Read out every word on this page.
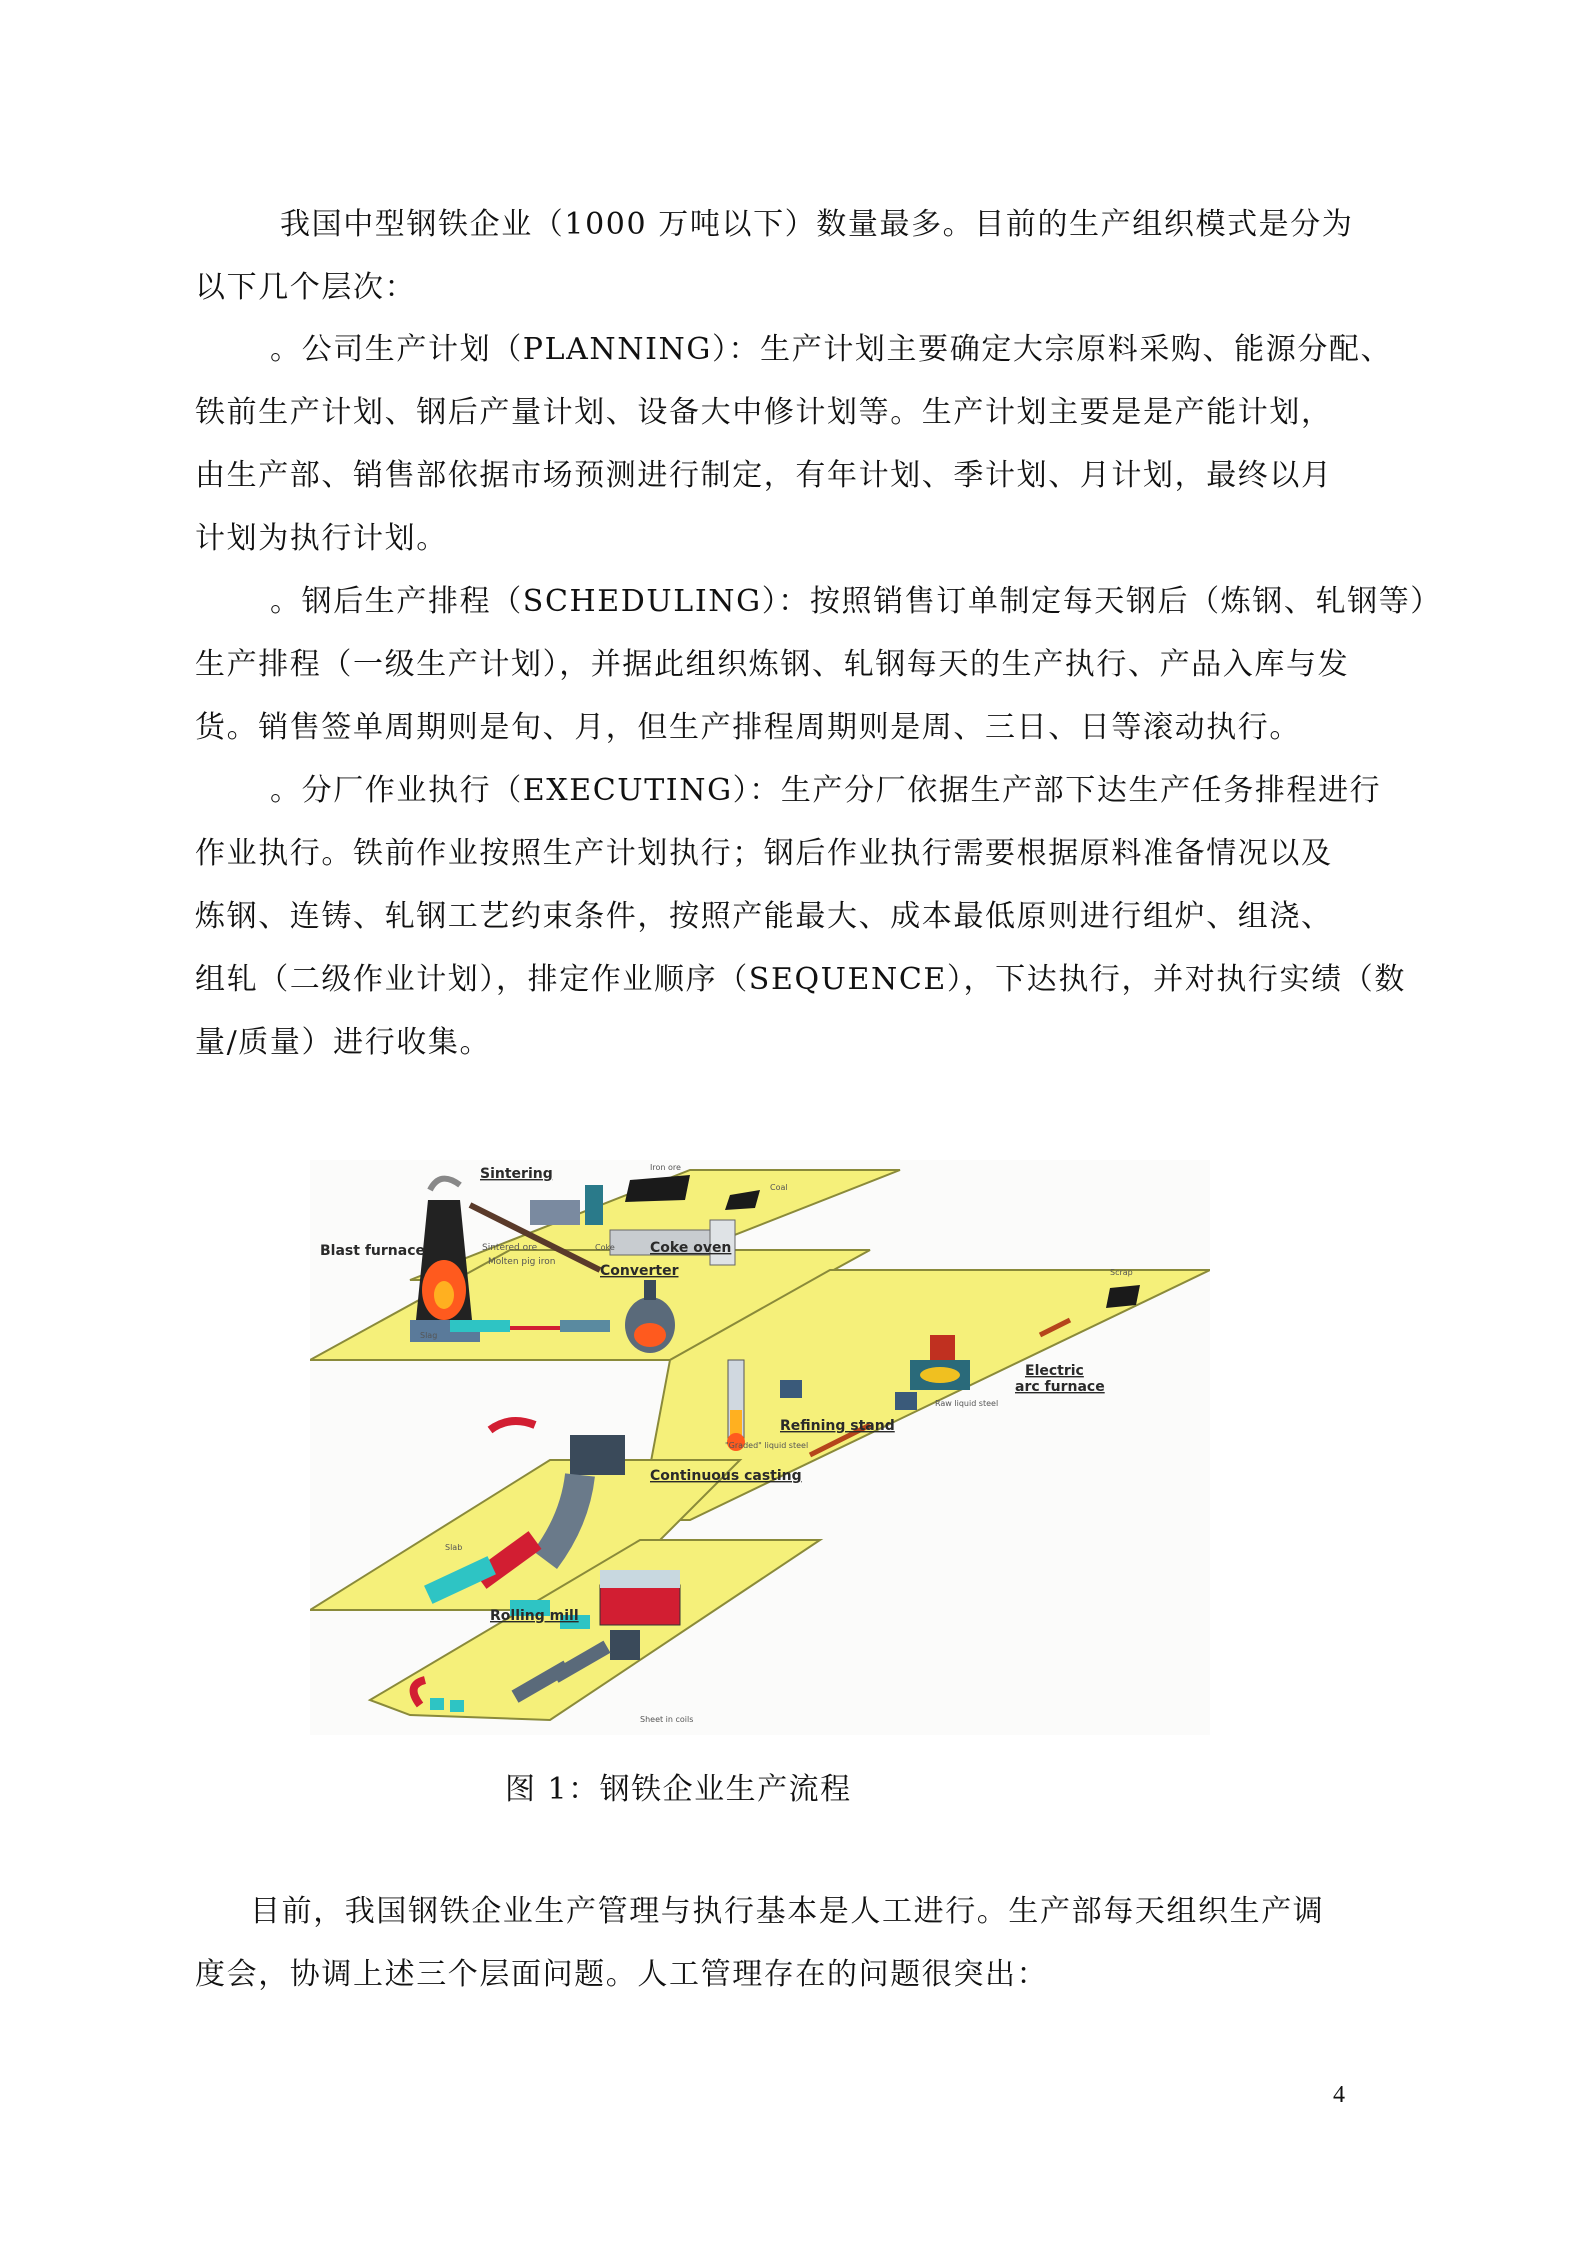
我国中型钢铁企业（1000 万吨以下）数量最多。目前的生产组织模式是分为
以下几个层次：
。公司生产计划（PLANNING）：生产计划主要确定大宗原料采购、能源分配、
铁前生产计划、钢后产量计划、设备大中修计划等。生产计划主要是是产能计划，
由生产部、销售部依据市场预测进行制定，有年计划、季计划、月计划，最终以月
计划为执行计划。
。钢后生产排程（SCHEDULING）：按照销售订单制定每天钢后（炼钢、轧钢等）
生产排程（一级生产计划），并据此组织炼钢、轧钢每天的生产执行、产品入库与发
货。销售签单周期则是旬、月，但生产排程周期则是周、三日、日等滚动执行。
。分厂作业执行（EXECUTING）：生产分厂依据生产部下达生产任务排程进行
作业执行。铁前作业按照生产计划执行；钢后作业执行需要根据原料准备情况以及
炼钢、连铸、轧钢工艺约束条件，按照产能最大、成本最低原则进行组炉、组浇、
组轧（二级作业计划），排定作业顺序（SEQUENCE），下达执行，并对执行实绩（数
量/质量）进行收集。
Sintering	Iron ore
Coal
Blast furnace	Sintered ore
Molten pig iron
Coke	Coke oven
Slag
Converter	Scrap
Electric
arc furnace
Raw liquid steel
Refining stand
"Graded" liquid steel
Continuous casting
Slab
Rolling mill
Sheet in coils
图 1：钢铁企业生产流程
目前，我国钢铁企业生产管理与执行基本是人工进行。生产部每天组织生产调
度会，协调上述三个层面问题。人工管理存在的问题很突出：
4
